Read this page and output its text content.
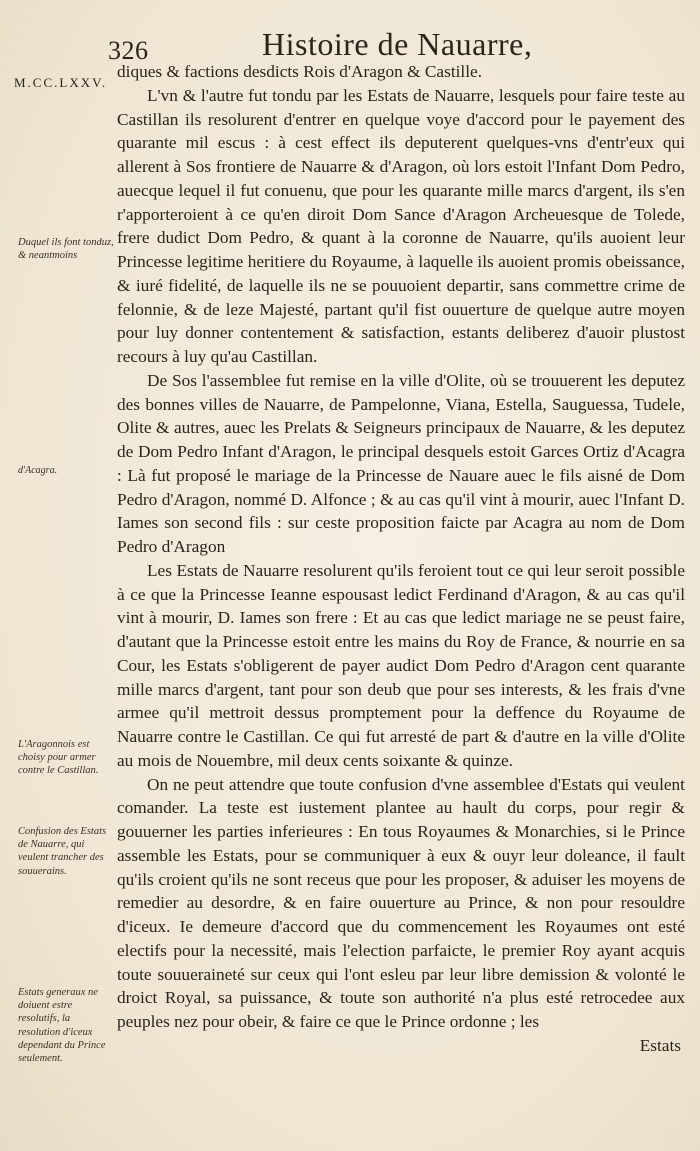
326	Histoire de Nauarre,
M.CC.LXXV.
Duquel ils font tonduz, & neantmoins
d'Acagra.
L'Aragonnois est choisy pour armer contre le Castillan.
Confusion des Estats de Nauarre, qui veulent trancher des souuerains.
Estats generaux ne doiuent estre resolutifs, la resolution d'iceux dependant du Prince seulement.

diques & factions desdicts Rois d'Aragon & Castille.

L'vn & l'autre fut tondu par les Estats de Nauarre, lesquels pour faire teste au Castillan ils resolurent d'entrer en quelque voye d'accord pour le payement des quarante mil escus : à cest effect ils deputerent quelques-vns d'entr'eux qui allerent à Sos frontiere de Nauarre & d'Aragon, où lors estoit l'Infant Dom Pedro, auecque lequel il fut conuenu, que pour les quarante mille marcs d'argent, ils s'en r'apporteroient à ce qu'en diroit Dom Sance d'Aragon Archeuesque de Tolede, frere dudict Dom Pedro, & quant à la coronne de Nauarre, qu'ils auoient leur Princesse legitime heritiere du Royaume, à laquelle ils auoient promis obeissance, & iuré fidelité, de laquelle ils ne se pouuoient departir, sans commettre crime de felonnie, & de leze Majesté, partant qu'il fist ouuerture de quelque autre moyen pour luy donner contentement & satisfaction, estants deliberez d'auoir plustost recours à luy qu'au Castillan.

De Sos l'assemblee fut remise en la ville d'Olite, où se trouuerent les deputez des bonnes villes de Nauarre, de Pampelonne, Viana, Estella, Sauguessa, Tudele, Olite & autres, auec les Prelats & Seigneurs principaux de Nauarre, & les deputez de Dom Pedro Infant d'Aragon, le principal desquels estoit Garces Ortiz d'Acagra : Là fut proposé le mariage de la Princesse de Nauare auec le fils aisné de Dom Pedro d'Aragon, nommé D. Alfonce ; & au cas qu'il vint à mourir, auec l'Infant D. Iames son second fils : sur ceste proposition faicte par Acagra au nom de Dom Pedro d'Aragon

Les Estats de Nauarre resolurent qu'ils feroient tout ce qui leur seroit possible à ce que la Princesse Ieanne espousast ledict Ferdinand d'Aragon, & au cas qu'il vint à mourir, D. Iames son frere : Et au cas que ledict mariage ne se peust faire, d'autant que la Princesse estoit entre les mains du Roy de France, & nourrie en sa Cour, les Estats s'obligerent de payer audict Dom Pedro d'Aragon cent quarante mille marcs d'argent, tant pour son deub que pour ses interests, & les frais d'vne armee qu'il mettroit dessus promptement pour la deffence du Royaume de Nauarre contre le Castillan. Ce qui fut arresté de part & d'autre en la ville d'Olite au mois de Nouembre, mil deux cents soixante & quinze.

On ne peut attendre que toute confusion d'vne assemblee d'Estats qui veulent comander. La teste est iustement plantee au hault du corps, pour regir & gouuerner les parties inferieures : En tous Royaumes & Monarchies, si le Prince assemble les Estats, pour se communiquer à eux & ouyr leur doleance, il fault qu'ils croient qu'ils ne sont receus que pour les proposer, & aduiser les moyens de remedier au desordre, & en faire ouuerture au Prince, & non pour resouldre d'iceux. Ie demeure d'accord que du commencement les Royaumes ont esté electifs pour la necessité, mais l'election parfaicte, le premier Roy ayant acquis toute souueraineté sur ceux qui l'ont esleu par leur libre demission & volonté le droict Royal, sa puissance, & toute son authorité n'a plus esté retrocedee aux peuples nez pour obeir, & faire ce que le Prince ordonne ; les

Estats
